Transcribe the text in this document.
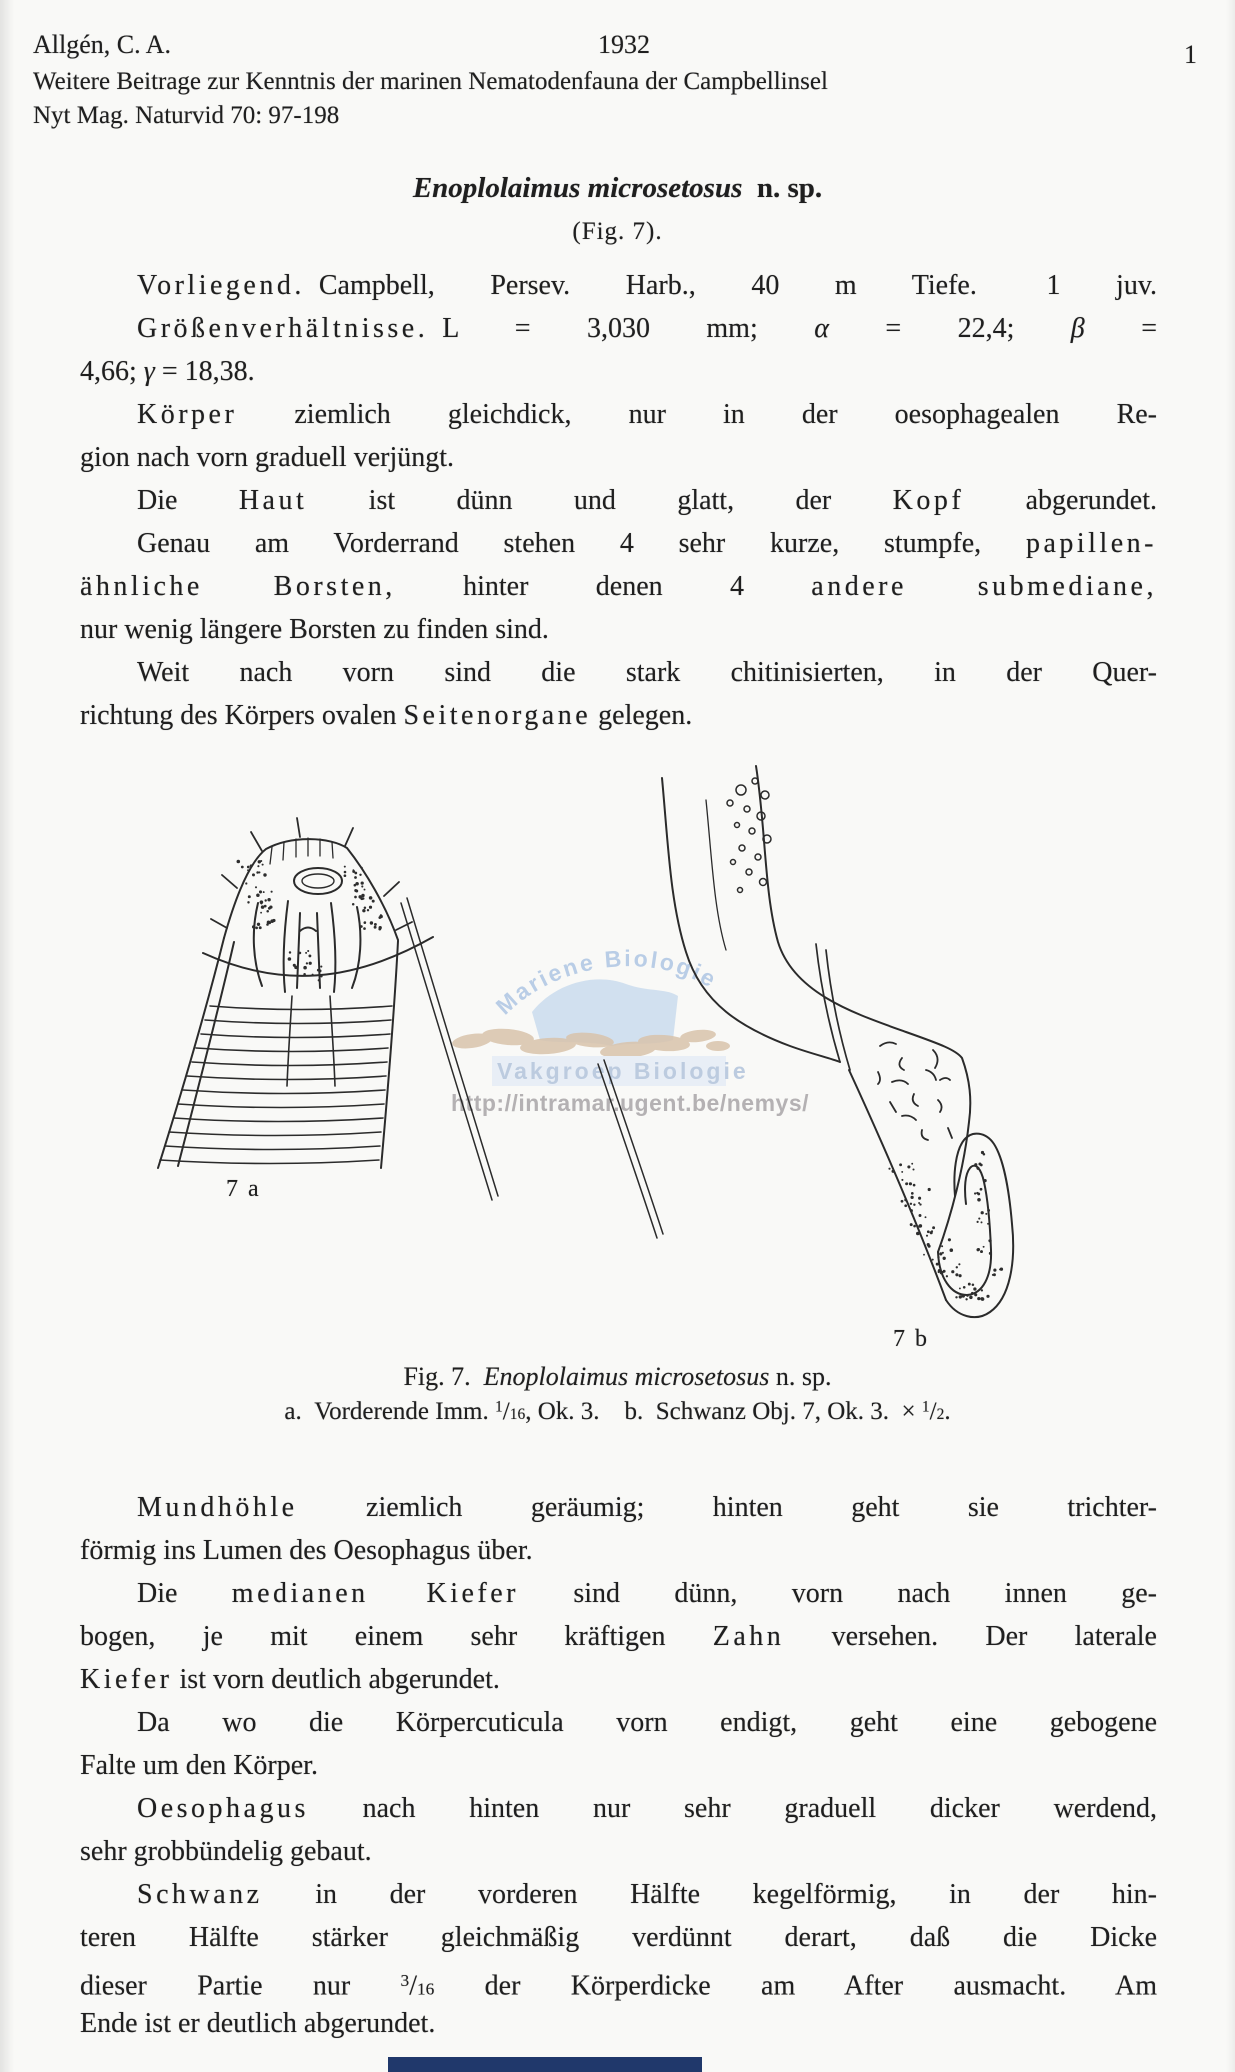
Mariene Biologie
Vakgroep Biologie
http://intramar.ugent.be/nemys/
Allgén, C. A.	1932	1
Weitere Beitrage zur Kenntnis der marinen Nematodenfauna der Campbellinsel
Nyt Mag. Naturvid 70: 97-198
Enoplolaimus microsetosus n. sp.
(Fig. 7).
Vorliegend. Campbell, Persev. Harb., 40 m Tiefe.  1 juv.
Größenverhältnisse. L = 3,030 mm; α = 22,4; β =
4,66; γ = 18,38.
Körper ziemlich gleichdick, nur in der oesophagealen Re-
gion nach vorn graduell verjüngt.
Die Haut ist dünn und glatt, der Kopf abgerundet.
Genau am Vorderrand stehen 4 sehr kurze, stumpfe, papillen-
ähnliche Borsten, hinter denen 4 andere submediane,
nur wenig längere Borsten zu finden sind.
Weit nach vorn sind die stark chitinisierten, in der Quer-
richtung des Körpers ovalen Seitenorgane gelegen.
7 a
7 b
Fig. 7. Enoplolaimus microsetosus n. sp.
a. Vorderende Imm. $^1$/16, Ok. 3. b. Schwanz Obj. 7, Ok. 3. × $^1$/2.
Mundhöhle ziemlich geräumig; hinten geht sie trichter-
förmig ins Lumen des Oesophagus über.
Die medianen Kiefer sind dünn, vorn nach innen ge-
bogen, je mit einem sehr kräftigen Zahn versehen. Der laterale
Kiefer ist vorn deutlich abgerundet.
Da wo die Körpercuticula vorn endigt, geht eine gebogene
Falte um den Körper.
Oesophagus nach hinten nur sehr graduell dicker werdend,
sehr grobbündelig gebaut.
Schwanz in der vorderen Hälfte kegelförmig, in der hin-
teren Hälfte stärker gleichmäßig verdünnt derart, daß die Dicke
dieser Partie nur $^3$/16 der Körperdicke am After ausmacht. Am
Ende ist er deutlich abgerundet.
